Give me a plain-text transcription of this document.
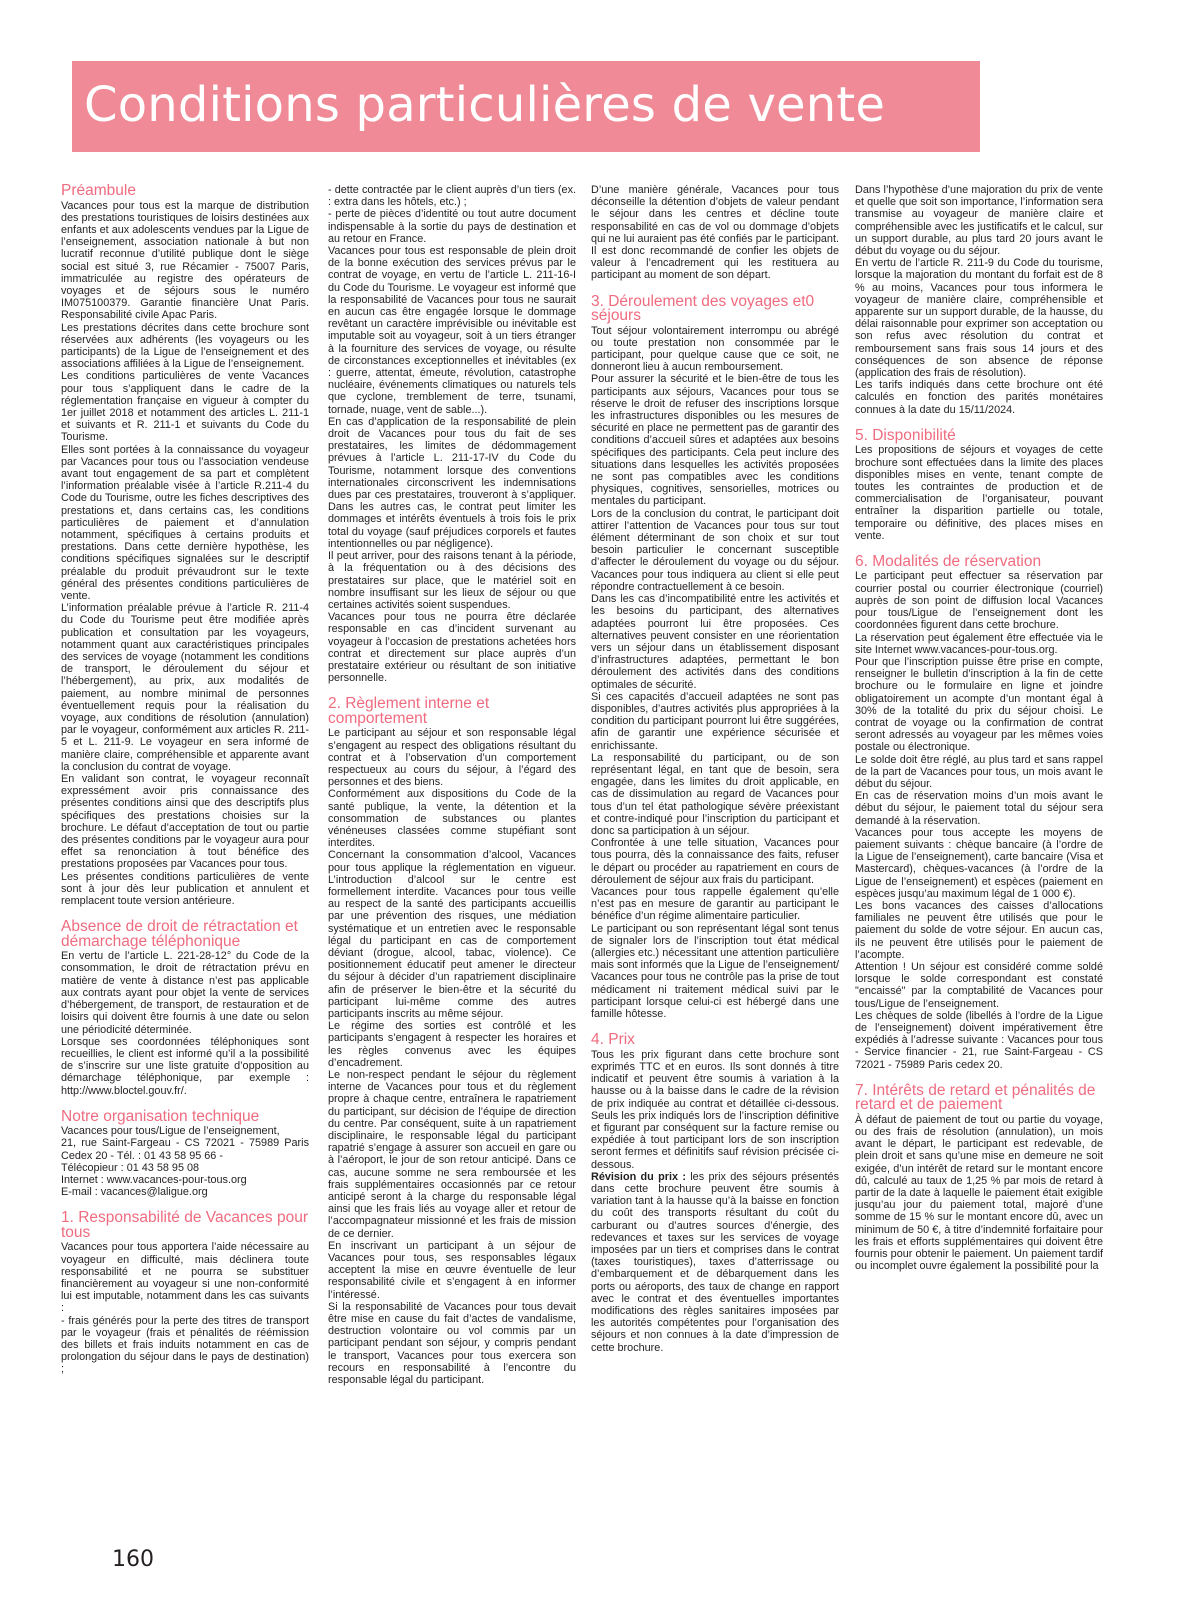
Conditions particulières de vente
Préambule

Vacances pour tous est la marque de distribution des prestations touristiques de loisirs destinées aux enfants et aux adolescents vendues par la Ligue de l’enseignement, association nationale à but non lucratif reconnue d’utilité publique dont le siège social est situé 3, rue Récamier - 75007 Paris, immatriculée au registre des opérateurs de voyages et de séjours sous le numéro IM075100379. Garantie financière Unat Paris. Responsabilité civile Apac Paris.

Les prestations décrites dans cette brochure sont réservées aux adhérents (les voyageurs ou les participants) de la Ligue de l’enseignement et des associations affiliées à la Ligue de l’enseignement.

Les conditions particulières de vente Vacances pour tous s’appliquent dans le cadre de la réglementation française en vigueur à compter du 1er juillet 2018 et notamment des articles L. 211-1 et suivants et R. 211-1 et suivants du Code du Tourisme.

Elles sont portées à la connaissance du voyageur par Vacances pour tous ou l’association vendeuse avant tout engagement de sa part et complètent l’information préalable visée à l’article R.211-4 du Code du Tourisme, outre les fiches descriptives des prestations et, dans certains cas, les conditions particulières de paiement et d’annulation notamment, spécifiques à certains produits et prestations. Dans cette dernière hypothèse, les conditions spécifiques signalées sur le descriptif préalable du produit prévaudront sur le texte général des présentes conditions particulières de vente.

L’information préalable prévue à l’article R. 211-4 du Code du Tourisme peut être modifiée après publication et consultation par les voyageurs, notamment quant aux caractéristiques principales des services de voyage (notamment les conditions de transport, le déroulement du séjour et l’hébergement), au prix, aux modalités de paiement, au nombre minimal de personnes éventuellement requis pour la réalisation du voyage, aux conditions de résolution (annulation) par le voyageur, conformément aux articles R. 211-5 et L. 211-9. Le voyageur en sera informé de manière claire, compréhensible et apparente avant la conclusion du contrat de voyage.

En validant son contrat, le voyageur reconnaît expressément avoir pris connaissance des présentes conditions ainsi que des descriptifs plus spécifiques des prestations choisies sur la brochure. Le défaut d’acceptation de tout ou partie des présentes conditions par le voyageur aura pour effet sa renonciation à tout bénéfice des prestations proposées par Vacances pour tous.

Les présentes conditions particulières de vente sont à jour dès leur publication et annulent et remplacent toute version antérieure.

Absence de droit de rétractation et démarchage téléphonique

En vertu de l’article L. 221-28-12° du Code de la consommation, le droit de rétractation prévu en matière de vente à distance n’est pas applicable aux contrats ayant pour objet la vente de services d’hébergement, de transport, de restauration et de loisirs qui doivent être fournis à une date ou selon une périodicité déterminée.

Lorsque ses coordonnées téléphoniques sont recueillies, le client est informé qu’il a la possibilité de s’inscrire sur une liste gratuite d’opposition au démarchage téléphonique, par exemple : http://www.bloctel.gouv.fr/.

Notre organisation technique

Vacances pour tous/Ligue de l’enseignement,

21, rue Saint-Fargeau - CS 72021 - 75989 Paris Cedex 20 - Tél. : 01 43 58 95 66 -

Télécopieur : 01 43 58 95 08

Internet : www.vacances-pour-tous.org

E-mail : vacances@laligue.org

1. Responsabilité de Vacances pour tous

Vacances pour tous apportera l’aide nécessaire au voyageur en difficulté, mais déclinera toute responsabilité et ne pourra se substituer financièrement au voyageur si une non-conformité lui est imputable, notamment dans les cas suivants :

- frais générés pour la perte des titres de transport par le voyageur (frais et pénalités de réémission des billets et frais induits notamment en cas de prolongation du séjour dans le pays de destination) ;

- dette contractée par le client auprès d’un tiers (ex. : extra dans les hôtels, etc.) ;

- perte de pièces d’identité ou tout autre document indispensable à la sortie du pays de destination et au retour en France.

Vacances pour tous est responsable de plein droit de la bonne exécution des services prévus par le contrat de voyage, en vertu de l’article L. 211-16-I du Code du Tourisme. Le voyageur est informé que la responsabilité de Vacances pour tous ne saurait en aucun cas être engagée lorsque le dommage revêtant un caractère imprévisible ou inévitable est imputable soit au voyageur, soit à un tiers étranger à la fourniture des services de voyage, ou résulte de circonstances exceptionnelles et inévitables (ex : guerre, attentat, émeute, révolution, catastrophe nucléaire, événements climatiques ou naturels tels que cyclone, tremblement de terre, tsunami, tornade, nuage, vent de sable...).

En cas d’application de la responsabilité de plein droit de Vacances pour tous du fait de ses prestataires, les limites de dédommagement prévues à l’article L. 211-17-IV du Code du Tourisme, notamment lorsque des conventions internationales circonscrivent les indemnisations dues par ces prestataires, trouveront à s’appliquer. Dans les autres cas, le contrat peut limiter les dommages et intérêts éventuels à trois fois le prix total du voyage (sauf préjudices corporels et fautes intentionnelles ou par négligence).

Il peut arriver, pour des raisons tenant à la période, à la fréquentation ou à des décisions des prestataires sur place, que le matériel soit en nombre insuffisant sur les lieux de séjour ou que certaines activités soient suspendues.

Vacances pour tous ne pourra être déclarée responsable en cas d’incident survenant au voyageur à l’occasion de prestations achetées hors contrat et directement sur place auprès d’un prestataire extérieur ou résultant de son initiative personnelle.

2. Règlement interne et comportement

Le participant au séjour et son responsable légal s’engagent au respect des obligations résultant du contrat et à l’observation d’un comportement respectueux au cours du séjour, à l’égard des personnes et des biens.

Conformément aux dispositions du Code de la santé publique, la vente, la détention et la consommation de substances ou plantes vénéneuses classées comme stupéfiant sont interdites.

Concernant la consommation d’alcool, Vacances pour tous applique la réglementation en vigueur. L’introduction d’alcool sur le centre est formellement interdite. Vacances pour tous veille au respect de la santé des participants accueillis par une prévention des risques, une médiation systématique et un entretien avec le responsable légal du participant en cas de comportement déviant (drogue, alcool, tabac, violence). Ce positionnement éducatif peut amener le directeur du séjour à décider d’un rapatriement disciplinaire afin de préserver le bien-être et la sécurité du participant lui-même comme des autres participants inscrits au même séjour.

Le régime des sorties est contrôlé et les participants s’engagent à respecter les horaires et les règles convenus avec les équipes d’encadrement.

Le non-respect pendant le séjour du règlement interne de Vacances pour tous et du règlement propre à chaque centre, entraînera le rapatriement du participant, sur décision de l’équipe de direction du centre. Par conséquent, suite à un rapatriement disciplinaire, le responsable légal du participant rapatrié s’engage à assurer son accueil en gare ou à l’aéroport, le jour de son retour anticipé. Dans ce cas, aucune somme ne sera remboursée et les frais supplémentaires occasionnés par ce retour anticipé seront à la charge du responsable légal ainsi que les frais liés au voyage aller et retour de l’accompagnateur missionné et les frais de mission de ce dernier.

En inscrivant un participant à un séjour de Vacances pour tous, ses responsables légaux acceptent la mise en œuvre éventuelle de leur responsabilité civile et s’engagent à en informer l’intéressé.

Si la responsabilité de Vacances pour tous devait être mise en cause du fait d’actes de vandalisme, destruction volontaire ou vol commis par un participant pendant son séjour, y compris pendant le transport, Vacances pour tous exercera son recours en responsabilité à l’encontre du responsable légal du participant.

D’une manière générale, Vacances pour tous déconseille la détention d’objets de valeur pendant le séjour dans les centres et décline toute responsabilité en cas de vol ou dommage d’objets qui ne lui auraient pas été confiés par le participant. Il est donc recommandé de confier les objets de valeur à l’encadrement qui les restituera au participant au moment de son départ.

3. Déroulement des voyages et0 séjours

Tout séjour volontairement interrompu ou abrégé ou toute prestation non consommée par le participant, pour quelque cause que ce soit, ne donneront lieu à aucun remboursement.

Pour assurer la sécurité et le bien-être de tous les participants aux séjours, Vacances pour tous se réserve le droit de refuser des inscriptions lorsque les infrastructures disponibles ou les mesures de sécurité en place ne permettent pas de garantir des conditions d’accueil sûres et adaptées aux besoins spécifiques des participants. Cela peut inclure des situations dans lesquelles les activités proposées ne sont pas compatibles avec les conditions physiques, cognitives, sensorielles, motrices ou mentales du participant.

Lors de la conclusion du contrat, le participant doit attirer l’attention de Vacances pour tous sur tout élément déterminant de son choix et sur tout besoin particulier le concernant susceptible d’affecter le déroulement du voyage ou du séjour. Vacances pour tous indiquera au client si elle peut répondre contractuellement à ce besoin.

Dans les cas d’incompatibilité entre les activités et les besoins du participant, des alternatives adaptées pourront lui être proposées. Ces alternatives peuvent consister en une réorientation vers un séjour dans un établissement disposant d’infrastructures adaptées, permettant le bon déroulement des activités dans des conditions optimales de sécurité.

Si ces capacités d’accueil adaptées ne sont pas disponibles, d’autres activités plus appropriées à la condition du participant pourront lui être suggérées, afin de garantir une expérience sécurisée et enrichissante.

La responsabilité du participant, ou de son représentant légal, en tant que de besoin, sera engagée, dans les limites du droit applicable, en cas de dissimulation au regard de Vacances pour tous d’un tel état pathologique sévère préexistant et contre-indiqué pour l’inscription du participant et donc sa participation à un séjour.

Confrontée à une telle situation, Vacances pour tous pourra, dès la connaissance des faits, refuser le départ ou procéder au rapatriement en cours de déroulement de séjour aux frais du participant.

Vacances pour tous rappelle également qu’elle n’est pas en mesure de garantir au participant le bénéfice d’un régime alimentaire particulier.

Le participant ou son représentant légal sont tenus de signaler lors de l’inscription tout état médical (allergies etc.) nécessitant une attention particulière mais sont informés que la Ligue de l’enseignement/ Vacances pour tous ne contrôle pas la prise de tout médicament ni traitement médical suivi par le participant lorsque celui-ci est hébergé dans une famille hôtesse.

4. Prix

Tous les prix figurant dans cette brochure sont exprimés TTC et en euros. Ils sont donnés à titre indicatif et peuvent être soumis à variation à la hausse ou à la baisse dans le cadre de la révision de prix indiquée au contrat et détaillée ci-dessous. Seuls les prix indiqués lors de l’inscription définitive et figurant par conséquent sur la facture remise ou expédiée à tout participant lors de son inscription seront fermes et définitifs sauf révision précisée ci-dessous.

Révision du prix : les prix des séjours présentés dans cette brochure peuvent être soumis à variation tant à la hausse qu’à la baisse en fonction du coût des transports résultant du coût du carburant ou d’autres sources d’énergie, des redevances et taxes sur les services de voyage imposées par un tiers et comprises dans le contrat (taxes touristiques), taxes d’atterrissage ou d’embarquement et de débarquement dans les ports ou aéroports, des taux de change en rapport avec le contrat et des éventuelles importantes modifications des règles sanitaires imposées par les autorités compétentes pour l’organisation des séjours et non connues à la date d’impression de cette brochure.

Dans l’hypothèse d’une majoration du prix de vente et quelle que soit son importance, l’information sera transmise au voyageur de manière claire et compréhensible avec les justificatifs et le calcul, sur un support durable, au plus tard 20 jours avant le début du voyage ou du séjour.

En vertu de l’article R. 211-9 du Code du tourisme, lorsque la majoration du montant du forfait est de 8 % au moins, Vacances pour tous informera le voyageur de manière claire, compréhensible et apparente sur un support durable, de la hausse, du délai raisonnable pour exprimer son acceptation ou son refus avec résolution du contrat et remboursement sans frais sous 14 jours et des conséquences de son absence de réponse (application des frais de résolution).

Les tarifs indiqués dans cette brochure ont été calculés en fonction des parités monétaires connues à la date du 15/11/2024.

5. Disponibilité

Les propositions de séjours et voyages de cette brochure sont effectuées dans la limite des places disponibles mises en vente, tenant compte de toutes les contraintes de production et de commercialisation de l’organisateur, pouvant entraîner la disparition partielle ou totale, temporaire ou définitive, des places mises en vente.

6. Modalités de réservation

Le participant peut effectuer sa réservation par courrier postal ou courrier électronique (courriel) auprès de son point de diffusion local Vacances pour tous/Ligue de l’enseignement dont les coordonnées figurent dans cette brochure.

La réservation peut également être effectuée via le site Internet www.vacances-pour-tous.org.

Pour que l’inscription puisse être prise en compte, renseigner le bulletin d’inscription à la fin de cette brochure ou le formulaire en ligne et joindre obligatoirement un acompte d’un montant égal à 30% de la totalité du prix du séjour choisi. Le contrat de voyage ou la confirmation de contrat seront adressés au voyageur par les mêmes voies postale ou électronique.

Le solde doit être réglé, au plus tard et sans rappel de la part de Vacances pour tous, un mois avant le début du séjour.

En cas de réservation moins d’un mois avant le début du séjour, le paiement total du séjour sera demandé à la réservation.

Vacances pour tous accepte les moyens de paiement suivants : chèque bancaire (à l’ordre de la Ligue de l’enseignement), carte bancaire (Visa et Mastercard), chèques-vacances (à l’ordre de la Ligue de l’enseignement) et espèces (paiement en espèces jusqu’au maximum légal de 1 000 €).

Les bons vacances des caisses d’allocations familiales ne peuvent être utilisés que pour le paiement du solde de votre séjour. En aucun cas, ils ne peuvent être utilisés pour le paiement de l’acompte.

Attention ! Un séjour est considéré comme soldé lorsque le solde correspondant est constaté "encaissé" par la comptabilité de Vacances pour tous/Ligue de l’enseignement.

Les chèques de solde (libellés à l’ordre de la Ligue de l’enseignement) doivent impérativement être expédiés à l’adresse suivante : Vacances pour tous - Service financier - 21, rue Saint-Fargeau - CS 72021 - 75989 Paris cedex 20.

7. Intérêts de retard et pénalités de retard et de paiement

À défaut de paiement de tout ou partie du voyage, ou des frais de résolution (annulation), un mois avant le départ, le participant est redevable, de plein droit et sans qu’une mise en demeure ne soit exigée, d’un intérêt de retard sur le montant encore dû, calculé au taux de 1,25 % par mois de retard à partir de la date à laquelle le paiement était exigible jusqu’au jour du paiement total, majoré d’une somme de 15 % sur le montant encore dû, avec un minimum de 50 €, à titre d’indemnité forfaitaire pour les frais et efforts supplémentaires qui doivent être fournis pour obtenir le paiement. Un paiement tardif ou incomplet ouvre également la possibilité pour la

160
